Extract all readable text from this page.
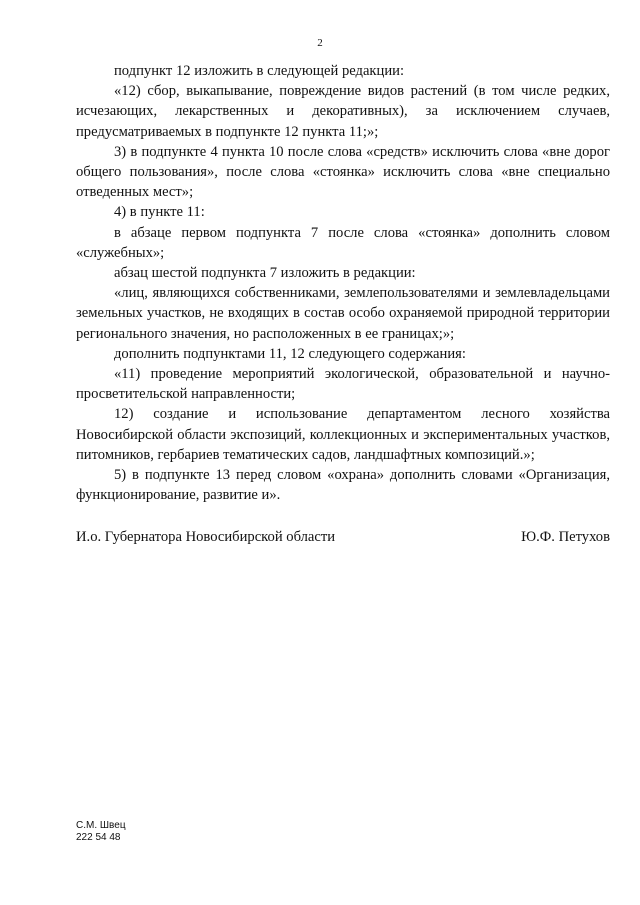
2

подпункт 12 изложить в следующей редакции:

«12) сбор, выкапывание, повреждение видов растений (в том числе редких, исчезающих, лекарственных и декоративных), за исключением случаев, предусматриваемых в подпункте 12 пункта 11;»;

3) в подпункте 4 пункта 10 после слова «средств» исключить слова «вне дорог общего пользования», после слова «стоянка» исключить слова «вне специально отведенных мест»;

4) в пункте 11:

в абзаце первом подпункта 7 после слова «стоянка» дополнить словом «служебных»;

абзац шестой подпункта 7 изложить в редакции:

«лиц, являющихся собственниками, землепользователями и землевладельцами земельных участков, не входящих в состав особо охраняемой природной территории регионального значения, но расположенных в ее границах;»;

дополнить подпунктами 11, 12 следующего содержания:

«11) проведение мероприятий экологической, образовательной и научно-просветительской направленности;

12) создание и использование департаментом лесного хозяйства Новосибирской области экспозиций, коллекционных и экспериментальных участков, питомников, гербариев тематических садов, ландшафтных композиций.»;

5) в подпункте 13 перед словом «охрана» дополнить словами «Организация, функционирование, развитие и».

И.о. Губернатора Новосибирской области	Ю.Ф. Петухов
С.М. Швец
222 54 48
